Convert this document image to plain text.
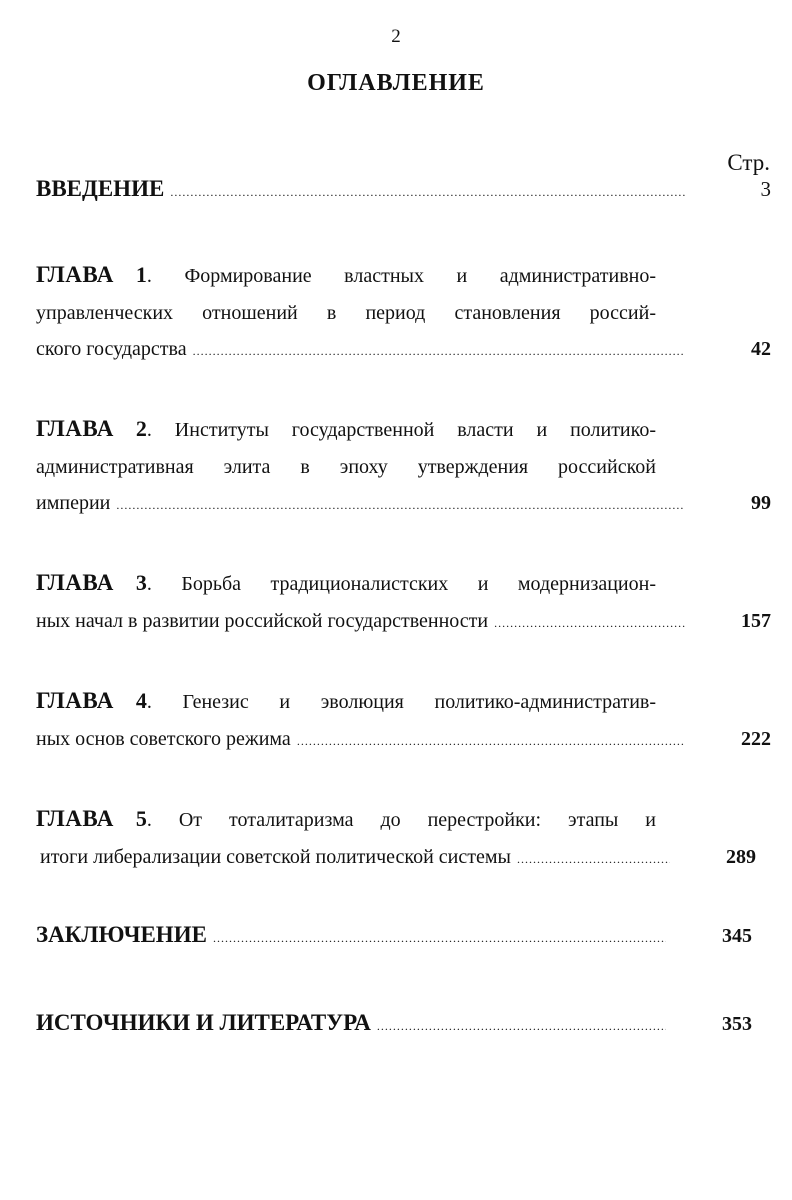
2
ОГЛАВЛЕНИЕ
Стр.
ВВЕДЕНИЕ .....	3
ГЛАВА 1. Формирование властных и административно-
управленческих отношений в период становления россий-
ского государства .....	42
ГЛАВА 2. Институты государственной власти и политико-
административная элита в эпоху утверждения российской
империи .....	99
ГЛАВА 3. Борьба традиционалистских и модернизацион-
ных начал в развитии российской государственности .....	157
ГЛАВА 4. Генезис и эволюция политико-административ-
ных основ советского режима .....	222
ГЛАВА 5. От тоталитаризма до перестройки: этапы и
итоги либерализации советской политической системы .....	289
ЗАКЛЮЧЕНИЕ .....	345
ИСТОЧНИКИ И ЛИТЕРАТУРА .....	353
